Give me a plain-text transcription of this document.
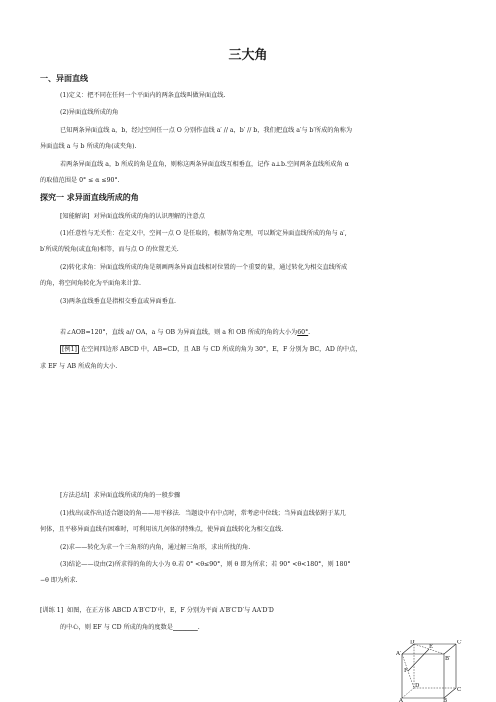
三大角
一、异面直线
(1)定义：把不同在任何一个平面内的两条直线叫做异面直线.
(2)异面直线所成的角
已知两条异面直线 a，b，经过空间任一点 O 分别作直线 a′ // a，b′ // b，我们把直线 a′与 b′所成的角称为
异面直线 a 与 b 所成的角(或夹角).
若两条异面直线 a，b 所成的角是直角，则称这两条异面直线互相垂直，记作 a⊥b.空间两条直线所成角 α
的取值范围是 0° ≤ α ≤90°.
探究一 求异面直线所成的角
[知能解读] 对异面直线所成的角的认识理解的注意点
(1)任意性与无关性：在定义中，空间一点 O 是任取的，根据等角定理，可以断定异面直线所成的角与 a′,
b′所成的锐角(或直角)相等，而与点 O 的位置无关.
(2)转化求角：异面直线所成的角是刻画两条异面直线相对位置的一个重要的量，通过转化为相交直线所成
的角，将空间角转化为平面角来计算.
(3)两条直线垂直是指相交垂直或异面垂直.
若∠AOB=120°，直线 a// OA，a 与 OB 为异面直线，则 a 和 OB 所成的角的大小为60°.
[例1] 在空间四边形 ABCD 中，AB=CD，且 AB 与 CD 所成的角为 30°，E，F 分别为 BC，AD 的中点，
求 EF 与 AB 所成角的大小.
[方法总结] 求异面直线所成的角的一般步骤
(1)找出(或作出)适合题设的角——用平移法．当题设中有中点时，常考虑中位线；当异面直线依附于某几
何体，且平移异面直线有困难时，可利用该几何体的特殊点，使异面直线转化为相交直线.
(2)求——转化为求一个三角形的内角，通过解三角形，求出所找的角.
(3)结论——设由(2)所求得的角的大小为 θ.若 0° <θ≤90°，则 θ 即为所求；若 90° <θ<180°，则 180°
−θ 即为所求.
[训练 1] 如图，在正方体 ABCD A′B′C′D′中，E，F 分别为平面 A′B′C′D′与 AA′D′D
的中心，则 EF 与 CD 所成的角的度数是________.
D′	C′
A′
E
B′
F
D
C
A	B
